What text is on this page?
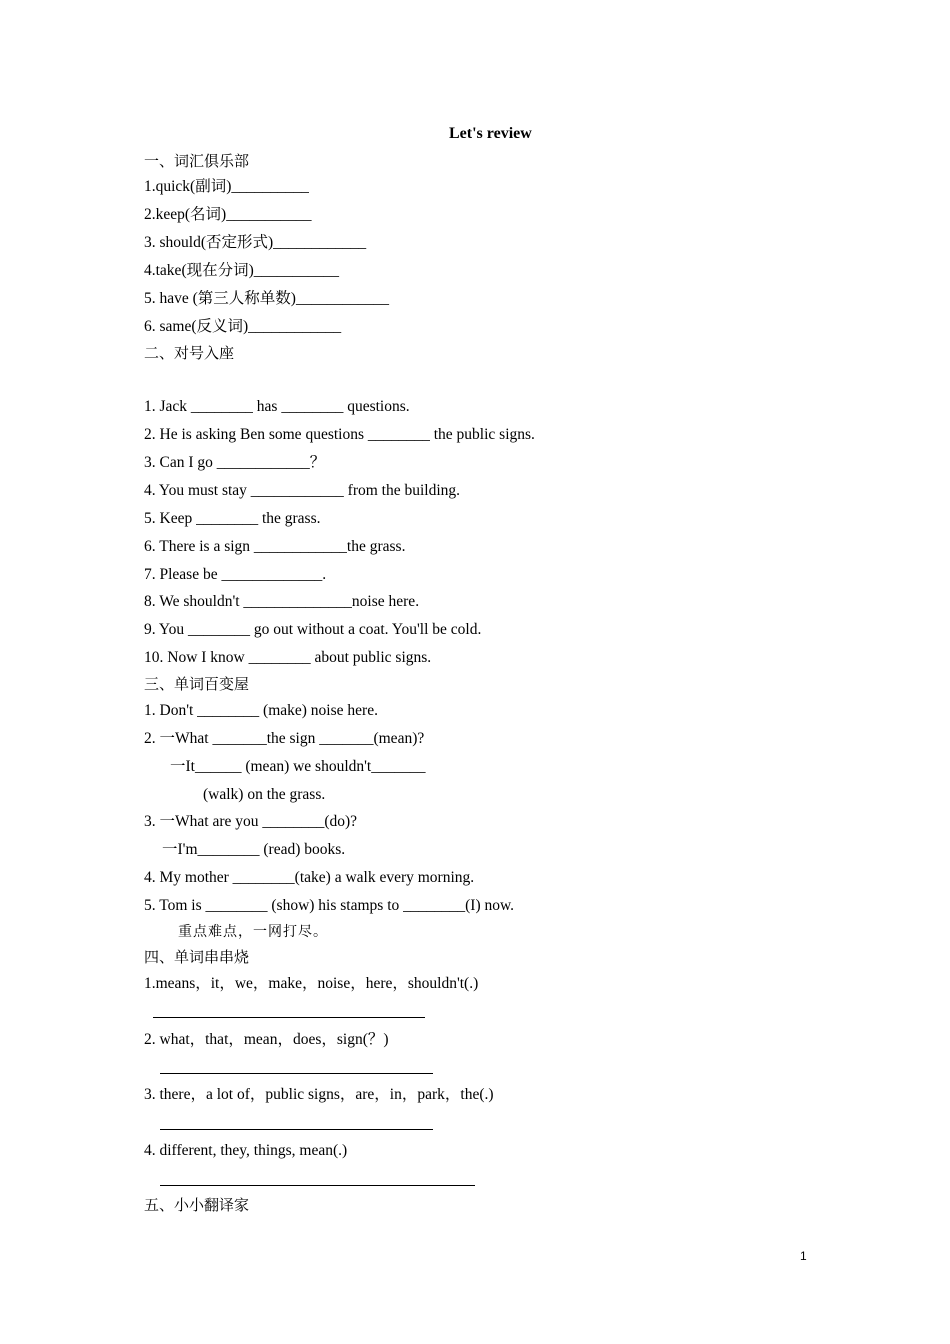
Let's review
一、词汇俱乐部
1.quick(副词)__________
2.keep(名词)___________
3. should(否定形式)____________
4.take(现在分词)___________
5. have (第三人称单数)____________
6. same(反义词)____________
二、对号入座
1. Jack ________ has ________ questions.
2. He is asking Ben some questions ________ the public signs.
3. Can I go ____________？
4. You must stay ____________ from the building.
5. Keep ________ the grass.
6. There is a sign ____________the grass.
7. Please be _____________.
8. We shouldn't ______________noise here.
9. You ________ go out without a coat. You'll be cold.
10. Now I know ________ about public signs.
三、单词百变屋
1. Don't ________ (make) noise here.
2. 一What _______the sign _______(mean)?
一It______ (mean) we shouldn't_______
(walk) on the grass.
3. 一What are you ________(do)?
一I'm________ (read) books.
4. My mother ________(take) a walk every morning.
5. Tom is ________ (show) his stamps to ________(I) now.
重点难点，一网打尽。
四、单词串串烧
1.means，it，we，make，noise，here，shouldn't(.)
2. what，that，mean，does，sign(？)
3. there，a lot of，public signs，are，in，park，the(.)
4. different, they, things, mean(.)
五、小小翻译家
1
